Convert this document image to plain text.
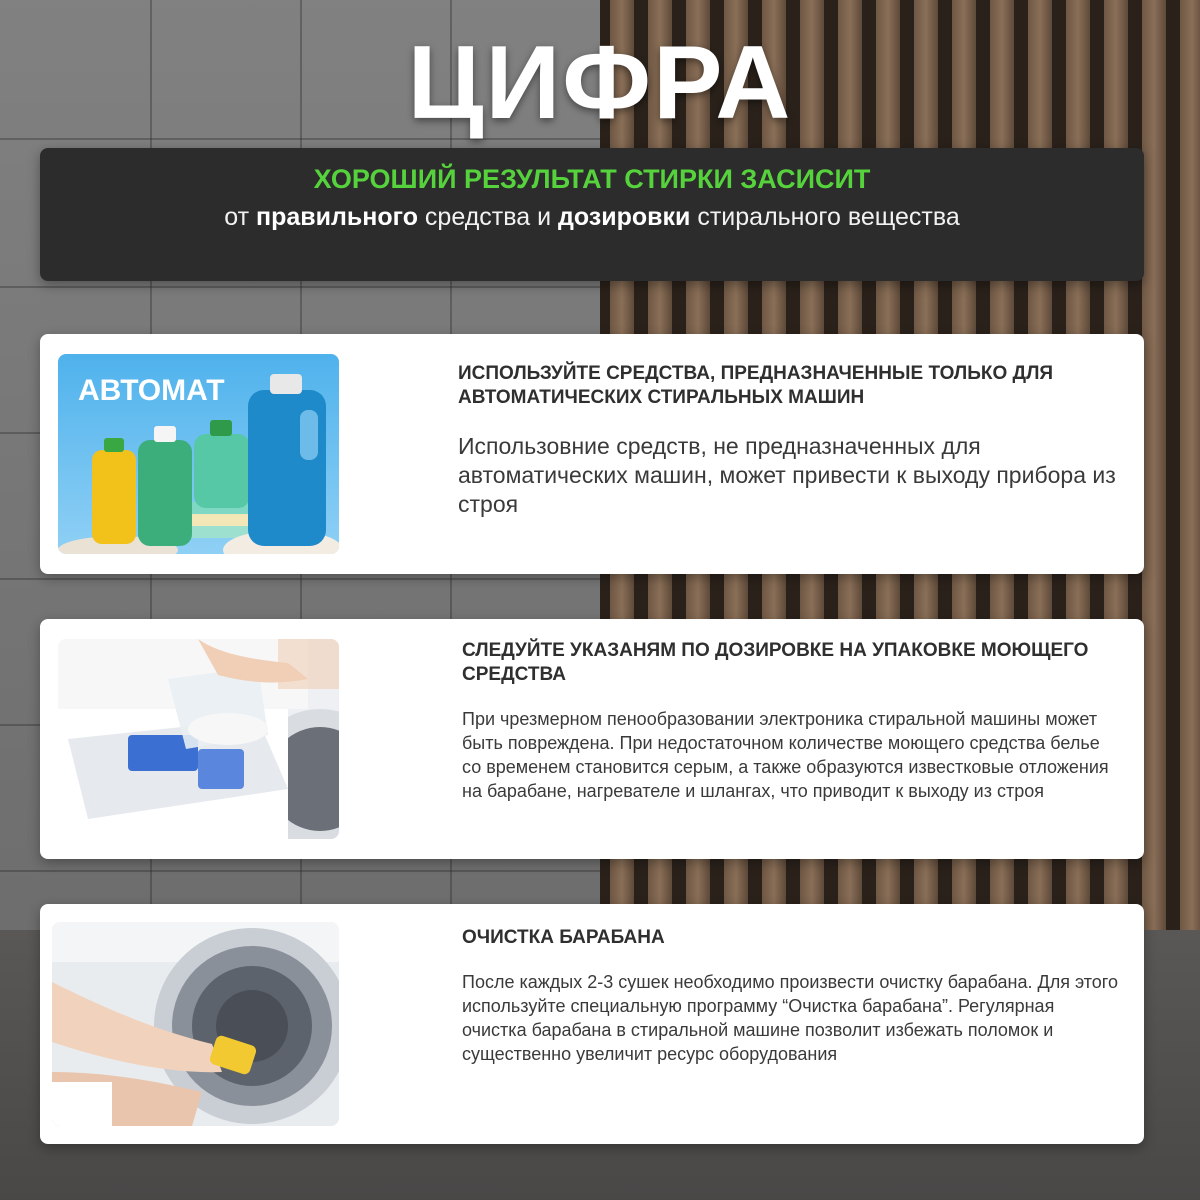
ЦИФРА
ХОРОШИЙ РЕЗУЛЬТАТ СТИРКИ ЗАСИСИТ
от правильного средства и дозировки стирального вещества
АВТОМАТ
ИСПОЛЬЗУЙТЕ СРЕДСТВА, ПРЕДНАЗНАЧЕННЫЕ ТОЛЬКО ДЛЯ АВТОМАТИЧЕСКИХ СТИРАЛЬНЫХ МАШИН
Использовние средств, не предназначенных для автоматических машин, может привести к выходу прибора из строя
СЛЕДУЙТЕ УКАЗАНЯМ ПО ДОЗИРОВКЕ НА УПАКОВКЕ МОЮЩЕГО СРЕДСТВА
При чрезмерном пенообразовании электроника стиральной машины может быть повреждена. При недостаточном количестве моющего средства белье со временем становится серым, а также образуются известковые отложения на барабане, нагревателе и шлангах, что приводит к выходу из строя
ОЧИСТКА БАРАБАНА
После каждых 2-3 сушек необходимо произвести очистку барабана. Для этого используйте специальную программу “Очистка барабана”. Регулярная очистка барабана в стиральной машине позволит избежать поломок и существенно увеличит ресурс оборудования
